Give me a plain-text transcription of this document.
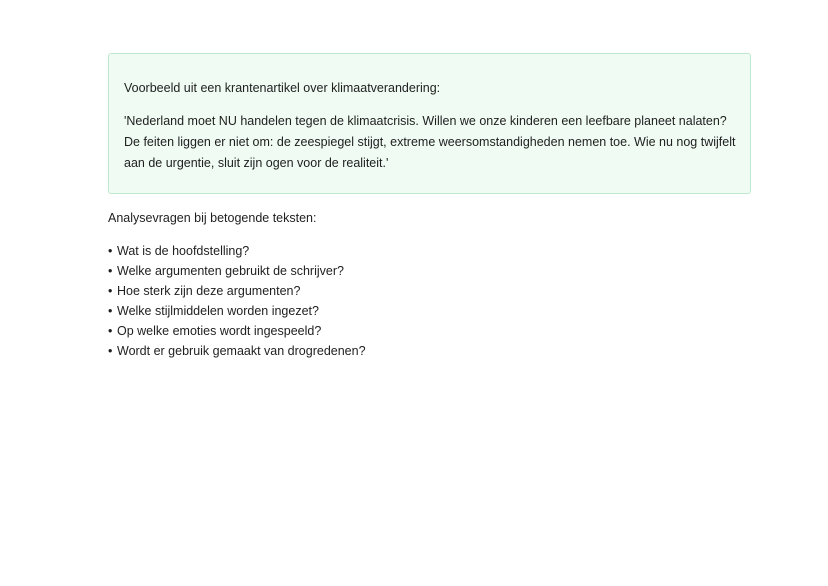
Voorbeeld uit een krantenartikel over klimaatverandering:

'Nederland moet NU handelen tegen de klimaatcrisis. Willen we onze kinderen een leefbare planeet nalaten? De feiten liggen er niet om: de zeespiegel stijgt, extreme weersomstandigheden nemen toe. Wie nu nog twijfelt aan de urgentie, sluit zijn ogen voor de realiteit.'

Analysevragen bij betogende teksten:

• Wat is de hoofdstelling?
• Welke argumenten gebruikt de schrijver?
• Hoe sterk zijn deze argumenten?
• Welke stijlmiddelen worden ingezet?
• Op welke emoties wordt ingespeeld?
• Wordt er gebruik gemaakt van drogredenen?
